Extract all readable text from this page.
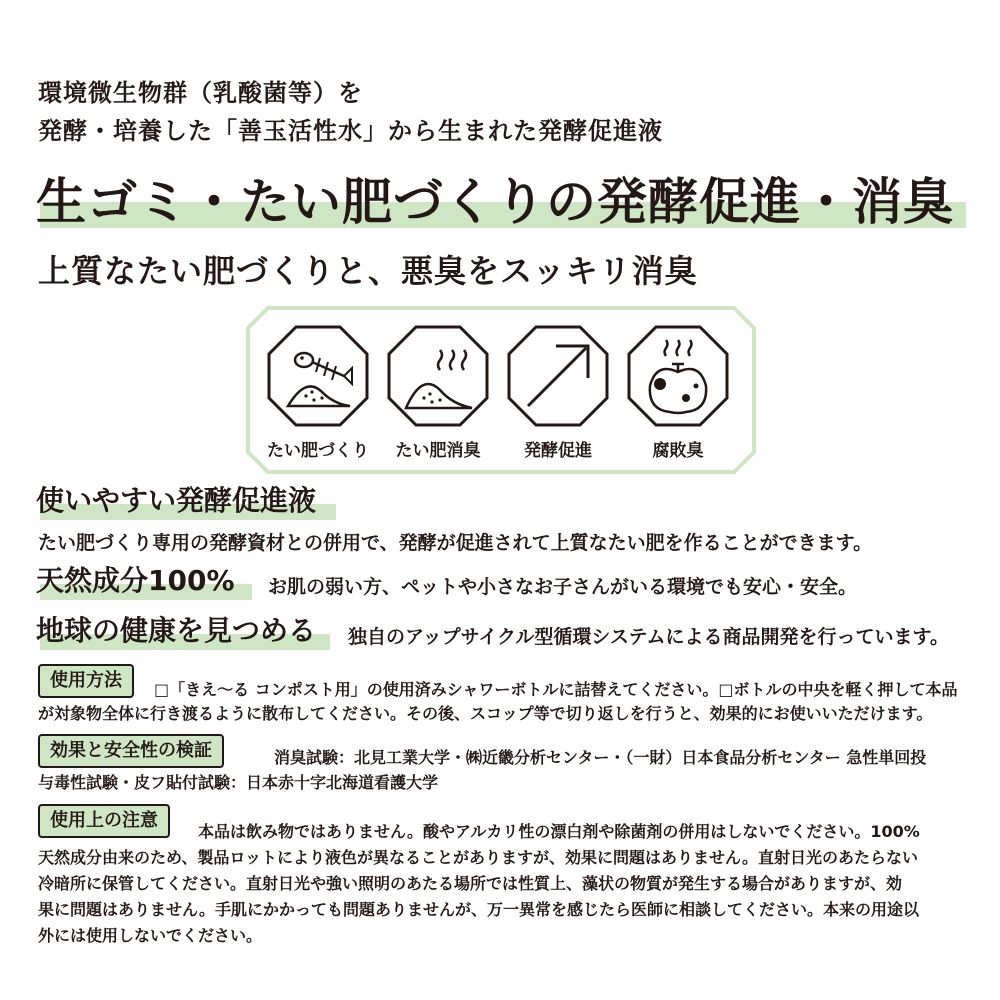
環境微生物群（乳酸菌等）を
発酵・培養した「善玉活性水」から生まれた発酵促進液
生ゴミ・たい肥づくりの発酵促進・消臭
上質なたい肥づくりと、悪臭をスッキリ消臭
たい肥づくり	たい肥消臭	発酵促進	腐敗臭
使いやすい発酵促進液
たい肥づくり専用の発酵資材との併用で、発酵が促進されて上質なたい肥を作ることができます。
天然成分100% お肌の弱い方、ペットや小さなお子さんがいる環境でも安心・安全。
地球の健康を見つめる 独自のアップサイクル型循環システムによる商品開発を行っています。
使用方法	□「きえ～る コンポスト用」の使用済みシャワーボトルに詰替えてください。□ボトルの中央を軽く押して本品
が対象物全体に行き渡るように散布してください。その後、スコップ等で切り返しを行うと、効果的にお使いいただけます。
効果と安全性の検証	消臭試験：北見工業大学・㈱近畿分析センター・（一財）日本食品分析センター 急性単回投
与毒性試験・皮フ貼付試験：日本赤十字北海道看護大学
使用上の注意
本品は飲み物ではありません。酸やアルカリ性の漂白剤や除菌剤の併用はしないでください。100%
天然成分由来のため、製品ロットにより液色が異なることがありますが、効果に問題はありません。直射日光のあたらない
冷暗所に保管してください。直射日光や強い照明のあたる場所では性質上、藻状の物質が発生する場合がありますが、効
果に問題はありません。手肌にかかっても問題ありませんが、万一異常を感じたら医師に相談してください。本来の用途以
外には使用しないでください。
